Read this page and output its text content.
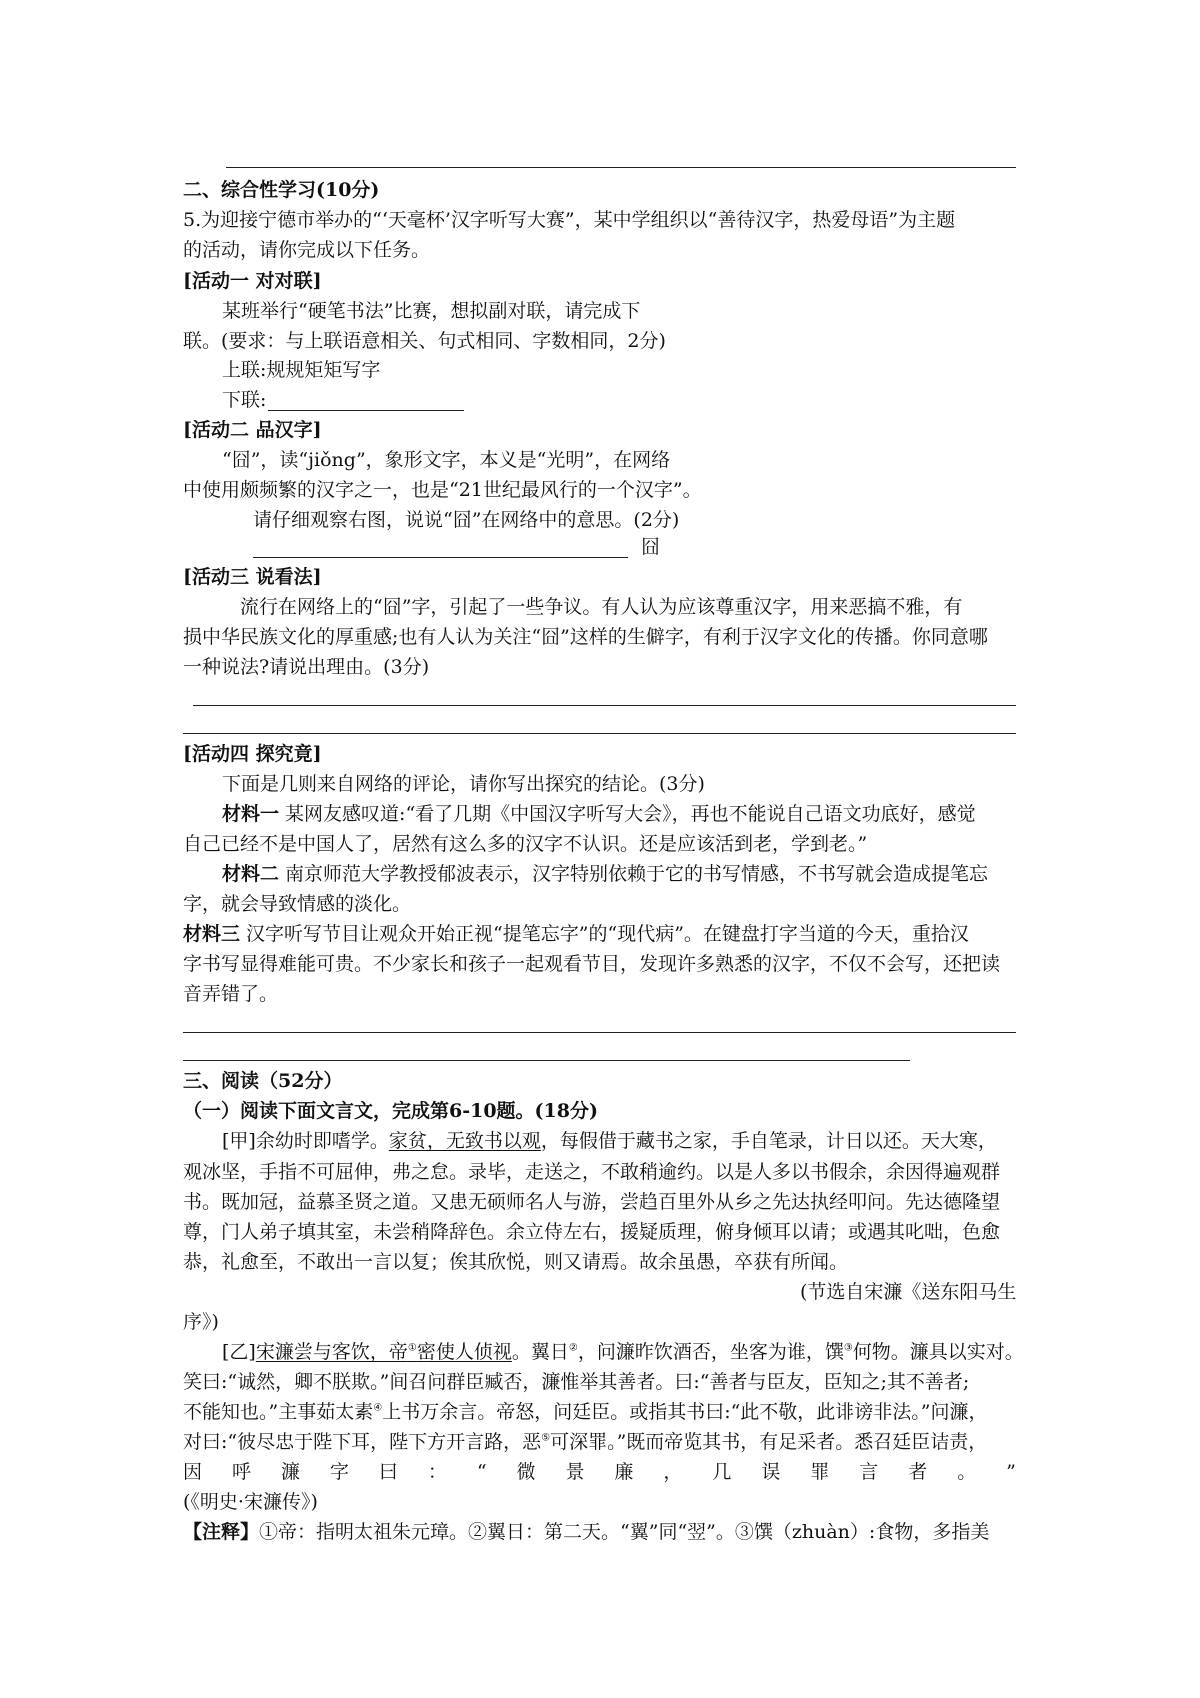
二、综合性学习(10分)
5.为迎接宁德市举办的“‘天毫杯’汉字听写大赛”，某中学组织以“善待汉字，热爱母语”为主题
的活动，请你完成以下任务。
[活动一 对对联]
某班举行“硬笔书法”比赛，想拟副对联，请完成下
联。(要求：与上联语意相关、句式相同、字数相同，2分)
上联:规规矩矩写字
下联:
[活动二 品汉字]
“囧”，读“jiǒng”，象形文字，本义是“光明”，在网络
中使用颇频繁的汉字之一，也是“21世纪最风行的一个汉字”。
请仔细观察右图，说说“囧”在网络中的意思。(2分)
囧
[活动三 说看法]
流行在网络上的“囧”字，引起了一些争议。有人认为应该尊重汉字，用来恶搞不雅，有
损中华民族文化的厚重感;也有人认为关注“囧”这样的生僻字，有利于汉字文化的传播。你同意哪
一种说法?请说出理由。(3分)
[活动四 探究竟]
下面是几则来自网络的评论，请你写出探究的结论。(3分)
材料一 某网友感叹道:“看了几期《中国汉字听写大会》，再也不能说自己语文功底好，感觉
自己已经不是中国人了，居然有这么多的汉字不认识。还是应该活到老，学到老。”
材料二 南京师范大学教授郁波表示，汉字特别依赖于它的书写情感，不书写就会造成提笔忘
字，就会导致情感的淡化。
材料三 汉字听写节目让观众开始正视“提笔忘字”的“现代病”。在键盘打字当道的今天，重拾汉
字书写显得难能可贵。不少家长和孩子一起观看节目，发现许多熟悉的汉字，不仅不会写，还把读
音弄错了。
三、阅读（52分）
（一）阅读下面文言文，完成第6-10题。(18分)
[甲]余幼时即嗜学。家贫，无致书以观，每假借于藏书之家，手自笔录，计日以还。天大寒，
观冰坚，手指不可屈伸，弗之怠。录毕，走送之，不敢稍逾约。以是人多以书假余，余因得遍观群
书。既加冠，益慕圣贤之道。又患无硕师名人与游，尝趋百里外从乡之先达执经叩问。先达德隆望
尊，门人弟子填其室，未尝稍降辞色。余立侍左右，援疑质理，俯身倾耳以请；或遇其叱咄，色愈
恭，礼愈至，不敢出一言以复；俟其欣悦，则又请焉。故余虽愚，卒获有所闻。
(节选自宋濂《送东阳马生
序》)
[乙]宋濂尝与客饮，帝①密使人侦视。翼日②，问濂昨饮酒否，坐客为谁，馔③何物。濂具以实对。
笑曰:“诚然，卿不朕欺。”间召问群臣臧否，濂惟举其善者。曰:“善者与臣友，臣知之;其不善者;
不能知也。”主事茹太素④上书万余言。帝怒，问廷臣。或指其书曰:“此不敬，此诽谤非法。”问濂，
对曰:“彼尽忠于陛下耳，陛下方开言路，恶⑤可深罪。”既而帝览其书，有足采者。悉召廷臣诘责，
因 呼 濂 字 曰 ： “ 微 景 廉 ， 几 误 罪 言 者 。 ”
(《明史·宋濂传》)
【注释】①帝：指明太祖朱元璋。②翼日：第二天。“翼”同“翌”。③馔（zhuàn）:食物，多指美
